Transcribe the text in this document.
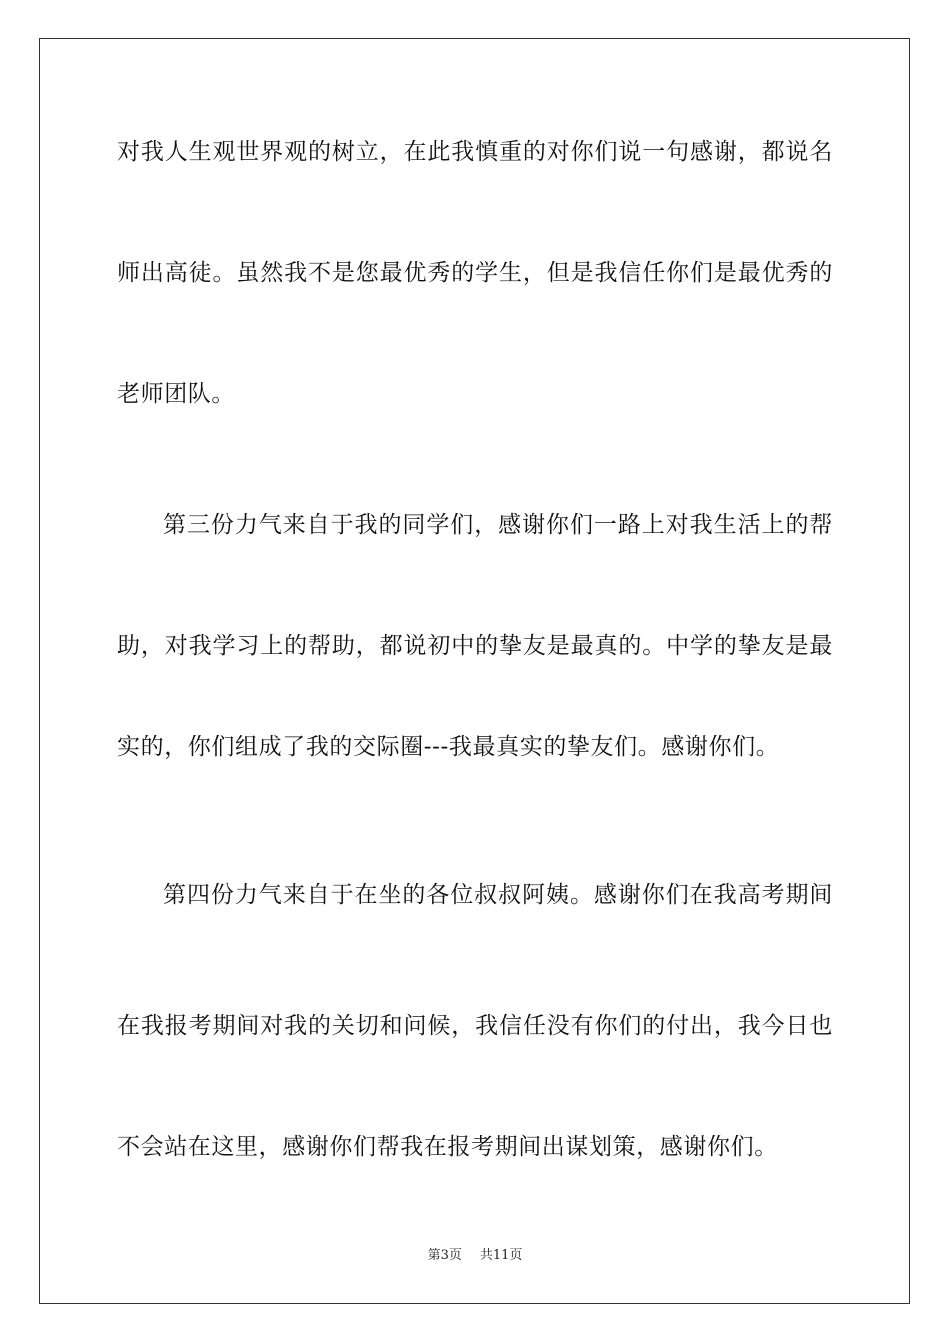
对我人生观世界观的树立，在此我慎重的对你们说一句感谢，都说名
师出高徒。虽然我不是您最优秀的学生，但是我信任你们是最优秀的
老师团队。
第三份力气来自于我的同学们，感谢你们一路上对我生活上的帮
助，对我学习上的帮助，都说初中的挚友是最真的。中学的挚友是最
实的，你们组成了我的交际圈---我最真实的挚友们。感谢你们。
第四份力气来自于在坐的各位叔叔阿姨。感谢你们在我高考期间
在我报考期间对我的关切和问候，我信任没有你们的付出，我今日也
不会站在这里，感谢你们帮我在报考期间出谋划策，感谢你们。
第3页 共11页
